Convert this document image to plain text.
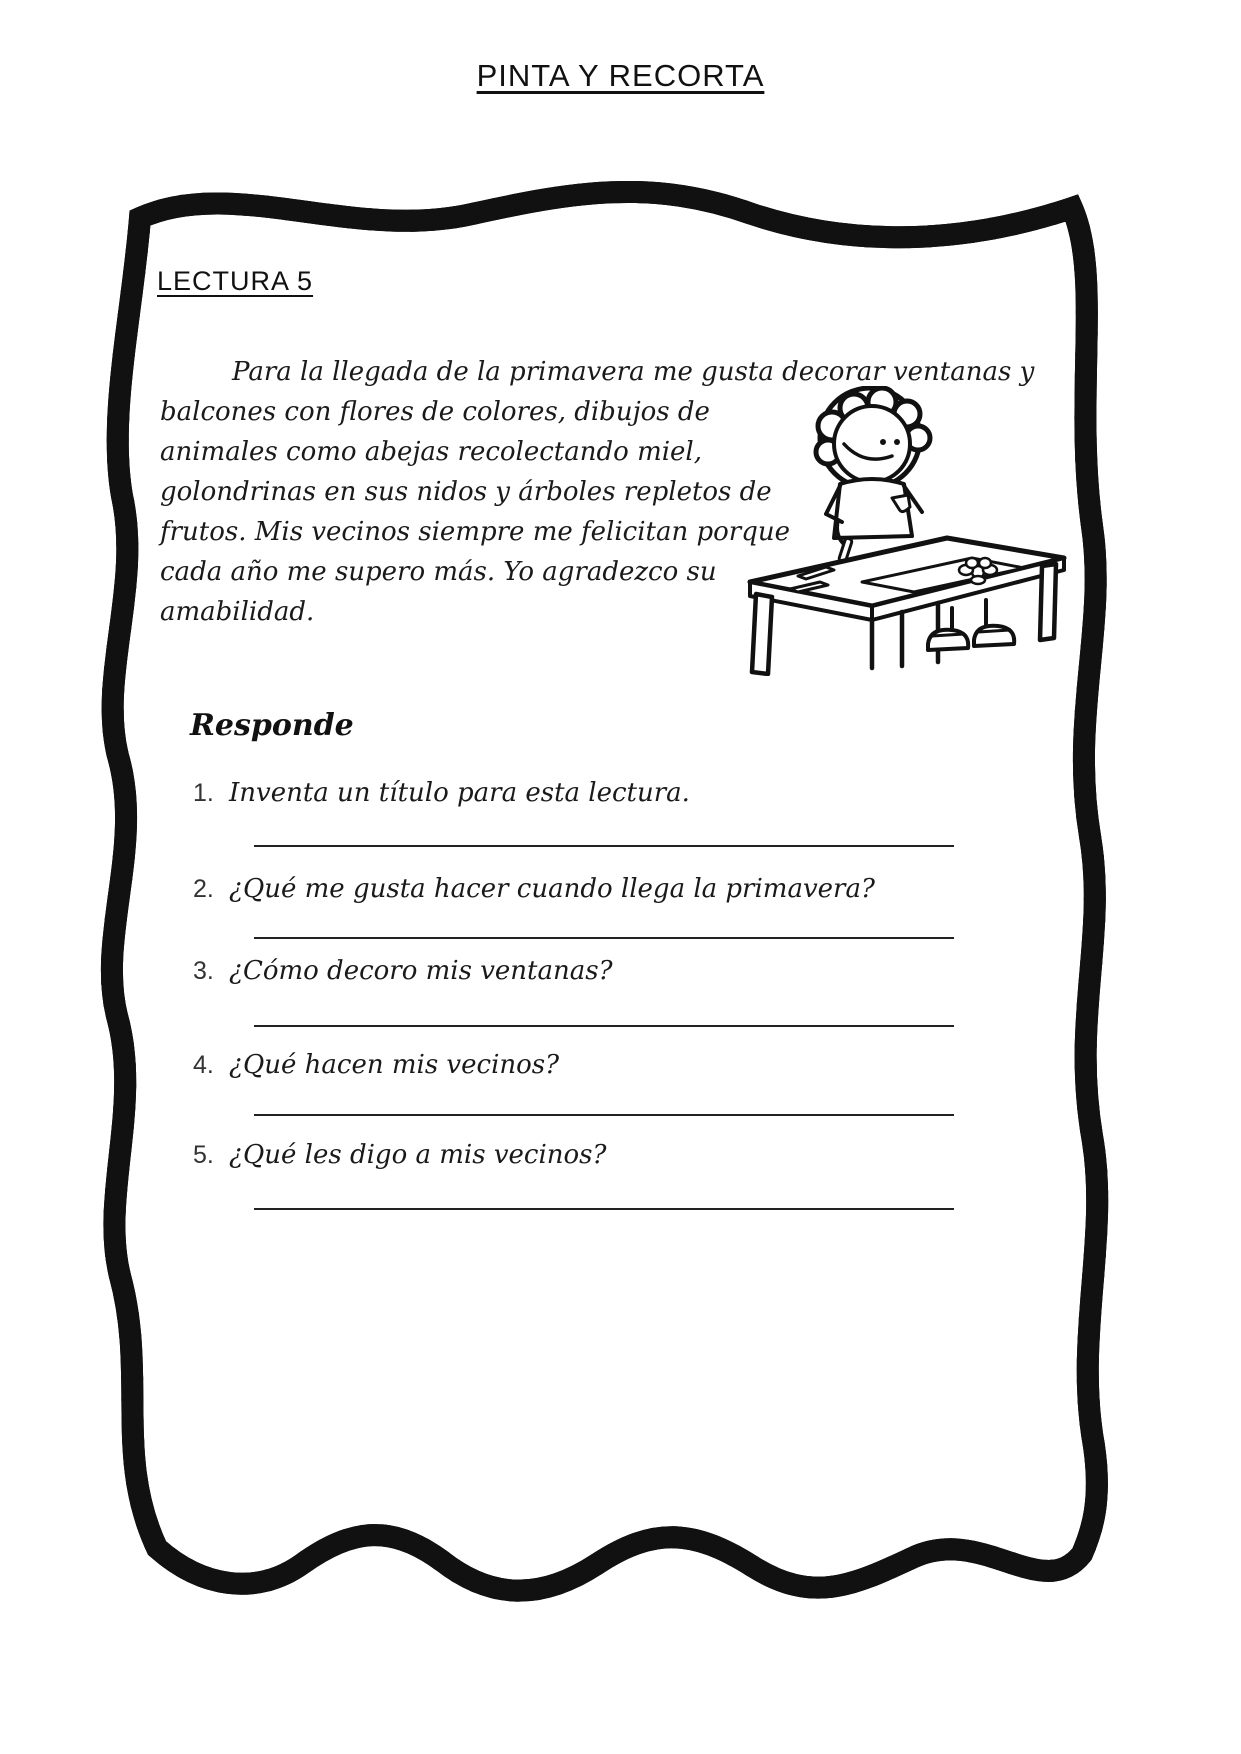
PINTA Y RECORTA
LECTURA 5
Para la llegada de la primavera me gusta decorar ventanas y
balcones con flores de colores, dibujos de
animales como abejas recolectando miel,
golondrinas en sus nidos y árboles repletos de
frutos. Mis vecinos siempre me felicitan porque
cada año me supero más. Yo agradezco su
amabilidad.
Responde
1. Inventa un título para esta lectura.
2. ¿Qué me gusta hacer cuando llega la primavera?
3. ¿Cómo decoro mis ventanas?
4. ¿Qué hacen mis vecinos?
5. ¿Qué les digo a mis vecinos?
